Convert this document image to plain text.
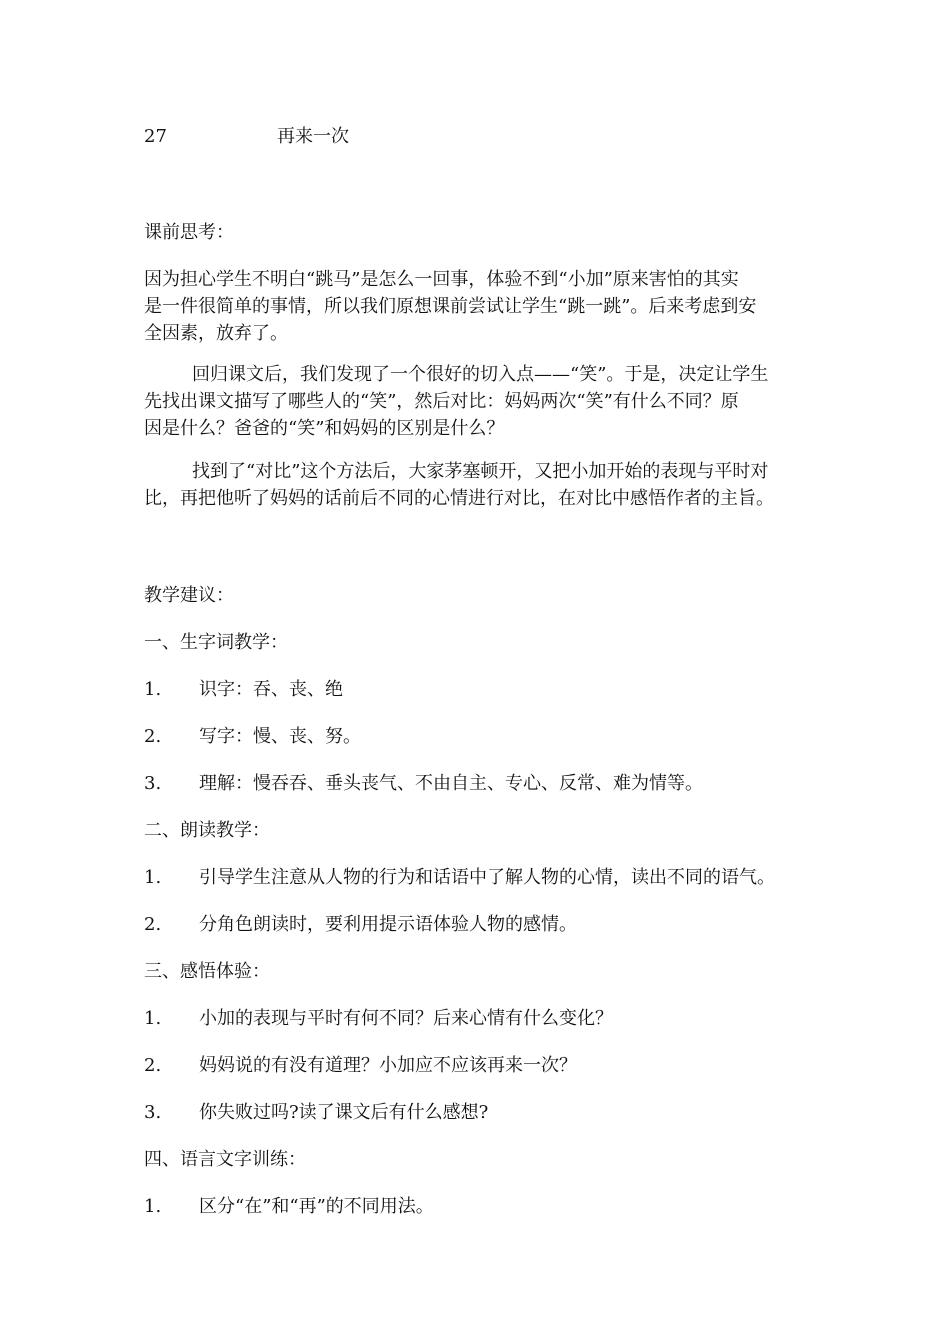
27	再来一次

课前思考：

因为担心学生不明白“跳马”是怎么一回事，体验不到“小加”原来害怕的其实

是一件很简单的事情，所以我们原想课前尝试让学生“跳一跳”。后来考虑到安

全因素，放弃了。

回归课文后，我们发现了一个很好的切入点——“笑”。于是，决定让学生

先找出课文描写了哪些人的“笑”，然后对比：妈妈两次“笑”有什么不同？原

因是什么？爸爸的“笑”和妈妈的区别是什么？

找到了“对比”这个方法后，大家茅塞顿开，又把小加开始的表现与平时对

比，再把他听了妈妈的话前后不同的心情进行对比，在对比中感悟作者的主旨。

教学建议：

一、生字词教学：

1. 识字：吞、丧、绝

2. 写字：慢、丧、努。

3. 理解：慢吞吞、垂头丧气、不由自主、专心、反常、难为情等。

二、朗读教学：

1. 引导学生注意从人物的行为和话语中了解人物的心情，读出不同的语气。

2. 分角色朗读时，要利用提示语体验人物的感情。

三、感悟体验：

1. 小加的表现与平时有何不同？后来心情有什么变化？

2. 妈妈说的有没有道理？小加应不应该再来一次？

3. 你失败过吗?读了课文后有什么感想?

四、语言文字训练：

1. 区分“在”和“再”的不同用法。
